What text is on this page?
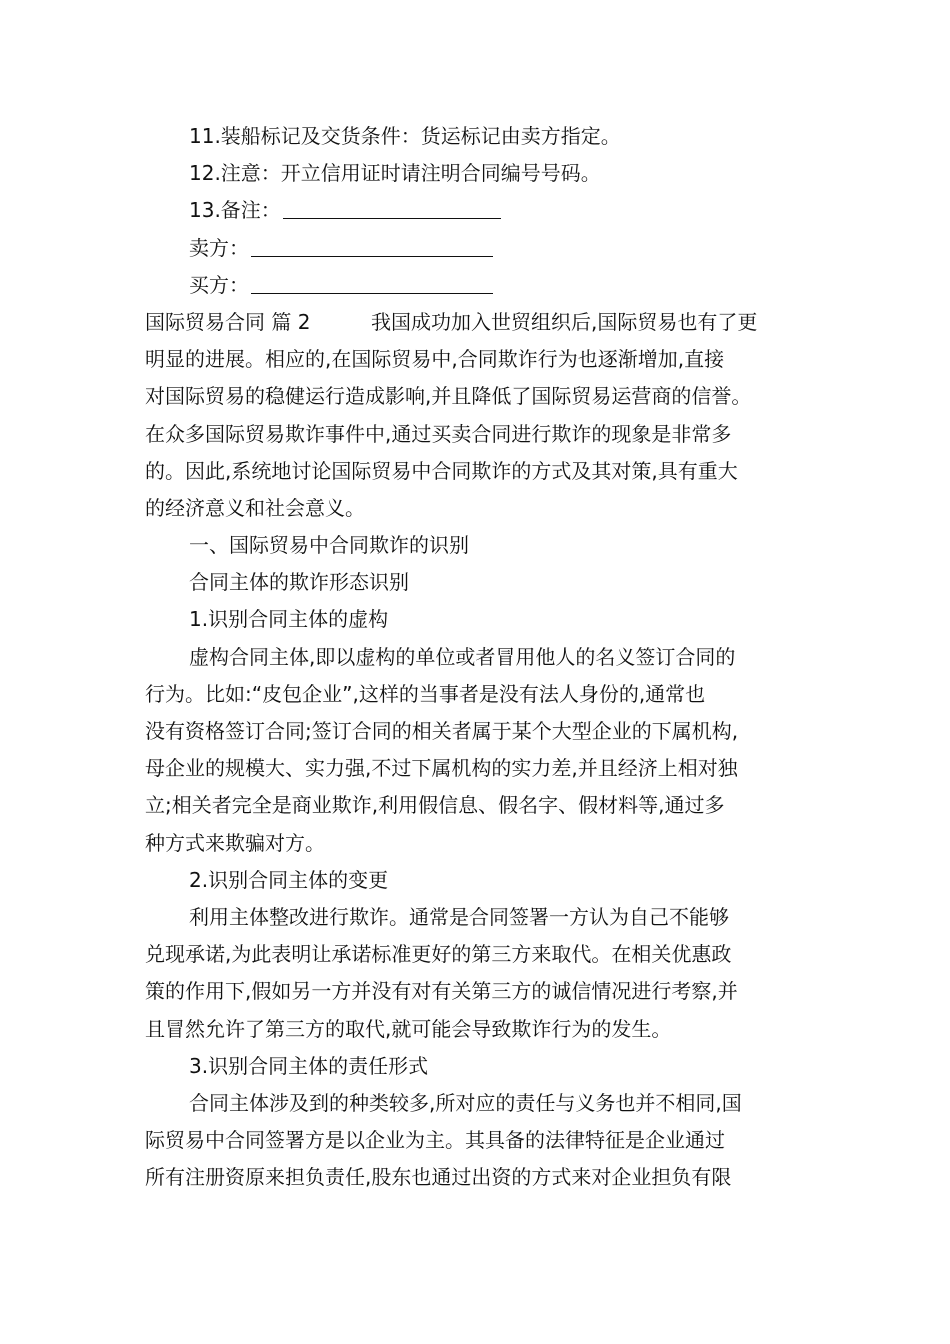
11.装船标记及交货条件：货运标记由卖方指定。
12.注意：开立信用证时请注明合同编号号码。
13.备注：
卖方：
买方：
国际贸易合同 篇 2	我国成功加入世贸组织后,国际贸易也有了更
明显的进展。相应的,在国际贸易中,合同欺诈行为也逐渐增加,直接
对国际贸易的稳健运行造成影响,并且降低了国际贸易运营商的信誉。
在众多国际贸易欺诈事件中,通过买卖合同进行欺诈的现象是非常多
的。因此,系统地讨论国际贸易中合同欺诈的方式及其对策,具有重大
的经济意义和社会意义。
一、国际贸易中合同欺诈的识别
合同主体的欺诈形态识别
1.识别合同主体的虚构
虚构合同主体,即以虚构的单位或者冒用他人的名义签订合同的
行为。比如:“皮包企业”,这样的当事者是没有法人身份的,通常也
没有资格签订合同;签订合同的相关者属于某个大型企业的下属机构,
母企业的规模大、实力强,不过下属机构的实力差,并且经济上相对独
立;相关者完全是商业欺诈,利用假信息、假名字、假材料等,通过多
种方式来欺骗对方。
2.识别合同主体的变更
利用主体整改进行欺诈。通常是合同签署一方认为自己不能够
兑现承诺,为此表明让承诺标准更好的第三方来取代。在相关优惠政
策的作用下,假如另一方并没有对有关第三方的诚信情况进行考察,并
且冒然允许了第三方的取代,就可能会导致欺诈行为的发生。
3.识别合同主体的责任形式
合同主体涉及到的种类较多,所对应的责任与义务也并不相同,国
际贸易中合同签署方是以企业为主。其具备的法律特征是企业通过
所有注册资原来担负责任,股东也通过出资的方式来对企业担负有限
